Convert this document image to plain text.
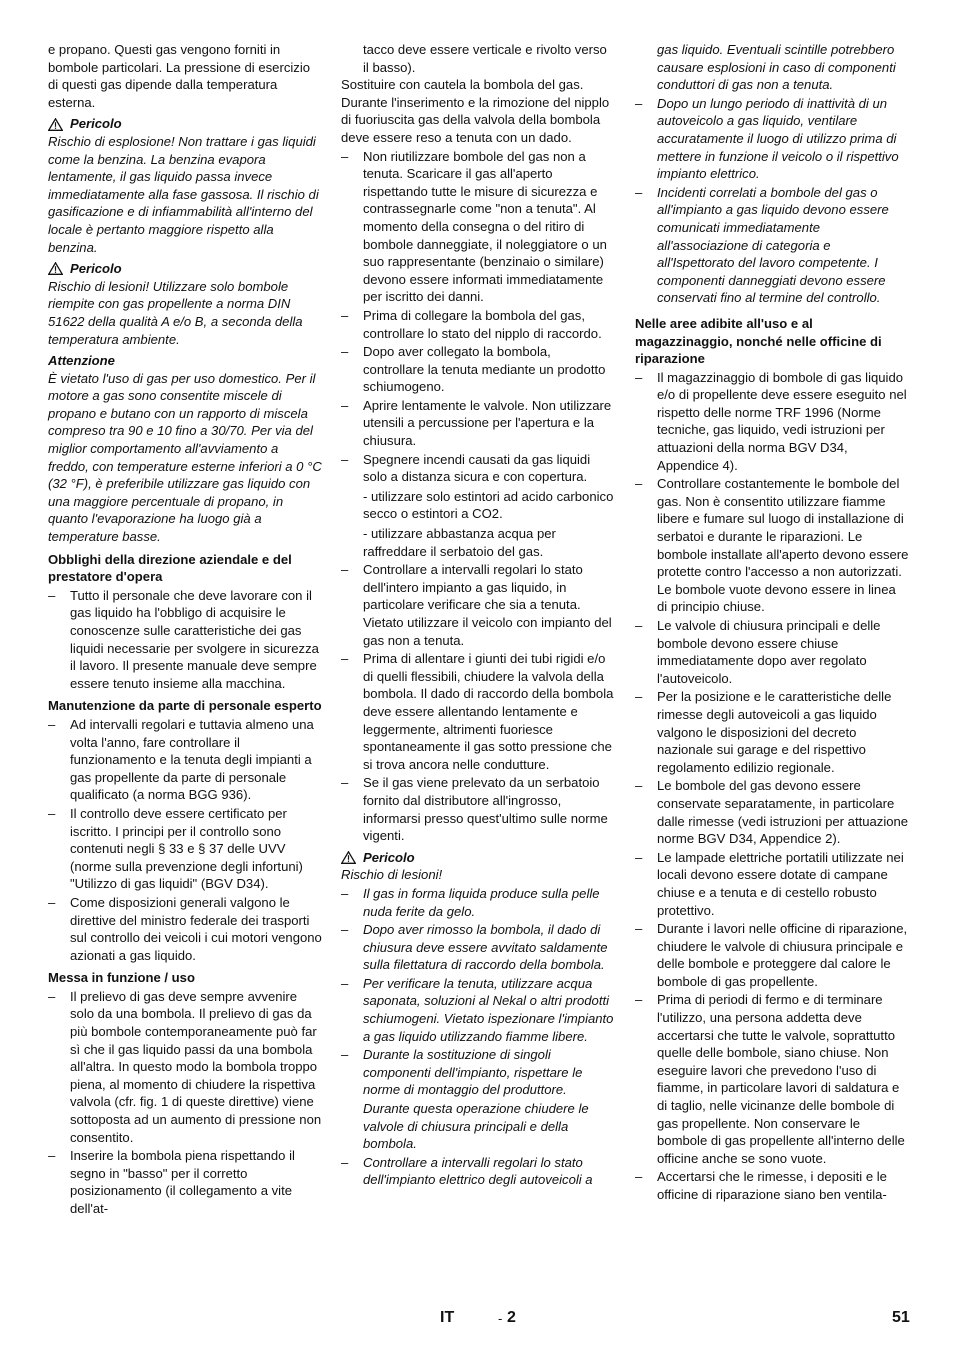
e propano. Questi gas vengono forniti in bombole particolari. La pressione di esercizio di questi gas dipende dalla temperatura esterna.

Pericolo

Rischio di esplosione! Non trattare i gas liquidi come la benzina. La benzina evapora lentamente, il gas liquido passa invece immediatamente alla fase gassosa. Il rischio di gasificazione e di infiammabilità all'interno del locale è pertanto maggiore rispetto alla benzina.

Pericolo

Rischio di lesioni! Utilizzare solo bombole riempite con gas propellente a norma DIN 51622 della qualità A e/o B, a seconda della temperatura ambiente.

Attenzione

È vietato l'uso di gas per uso domestico. Per il motore a gas sono consentite miscele di propano e butano con un rapporto di miscela compreso tra 90 e 10 fino a 30/70. Per via del miglior comportamento all'avviamento a freddo, con temperature esterne inferiori a 0 °C (32 °F), è preferibile utilizzare gas liquido con una maggiore percentuale di propano, in quanto l'evaporazione ha luogo già a temperature basse.

Obblighi della direzione aziendale e del prestatore d'opera

– Tutto il personale che deve lavorare con il gas liquido ha l'obbligo di acquisire le conoscenze sulle caratteristiche dei gas liquidi necessarie per svolgere in sicurezza il lavoro. Il presente manuale deve sempre essere tenuto insieme alla macchina.

Manutenzione da parte di personale esperto

– Ad intervalli regolari e tuttavia almeno una volta l'anno, fare controllare il funzionamento e la tenuta degli impianti a gas propellente da parte di personale qualificato (a norma BGG 936).
– Il controllo deve essere certificato per iscritto. I principi per il controllo sono contenuti negli § 33 e § 37 delle UVV (norme sulla prevenzione degli infortuni) "Utilizzo di gas liquidi" (BGV D34).
– Come disposizioni generali valgono le direttive del ministro federale dei trasporti sul controllo dei veicoli i cui motori vengono azionati a gas liquido.

Messa in funzione / uso

– Il prelievo di gas deve sempre avvenire solo da una bombola. Il prelievo di gas da più bombole contemporaneamente può far sì che il gas liquido passi da una bombola all'altra. In questo modo la bombola troppo piena, al momento di chiudere la rispettiva valvola (cfr. fig. 1 di queste direttive) viene sottoposta ad un aumento di pressione non consentito.
– Inserire la bombola piena rispettando il segno in "basso" per il corretto posizionamento (il collegamento a vite dell'at-

tacco deve essere verticale e rivolto verso il basso).

Sostituire con cautela la bombola del gas. Durante l'inserimento e la rimozione del nipplo di fuoriuscita gas della valvola della bombola deve essere reso a tenuta con un dado.

– Non riutilizzare bombole del gas non a tenuta. Scaricare il gas all'aperto rispettando tutte le misure di sicurezza e contrassegnarle come "non a tenuta". Al momento della consegna o del ritiro di bombole danneggiate, il noleggiatore o un suo rappresentante (benzinaio o similare) devono essere informati immediatamente per iscritto dei danni.
– Prima di collegare la bombola del gas, controllare lo stato del nipplo di raccordo.
– Dopo aver collegato la bombola, controllare la tenuta mediante un prodotto schiumogeno.
– Aprire lentamente le valvole. Non utilizzare utensili a percussione per l'apertura e la chiusura.
– Spegnere incendi causati da gas liquidi solo a distanza sicura e con copertura.
- utilizzare solo estintori ad acido carbonico secco o estintori a CO2.
- utilizzare abbastanza acqua per raffreddare il serbatoio del gas.
– Controllare a intervalli regolari lo stato dell'intero impianto a gas liquido, in particolare verificare che sia a tenuta. Vietato utilizzare il veicolo con impianto del gas non a tenuta.
– Prima di allentare i giunti dei tubi rigidi e/o di quelli flessibili, chiudere la valvola della bombola. Il dado di raccordo della bombola deve essere allentando lentamente e leggermente, altrimenti fuoriesce spontaneamente il gas sotto pressione che si trova ancora nelle condutture.
– Se il gas viene prelevato da un serbatoio fornito dal distributore all'ingrosso, informarsi presso quest'ultimo sulle norme vigenti.
Pericolo

Rischio di lesioni!

– Il gas in forma liquida produce sulla pelle nuda ferite da gelo.
– Dopo aver rimosso la bombola, il dado di chiusura deve essere avvitato saldamente sulla filettatura di raccordo della bombola.
– Per verificare la tenuta, utilizzare acqua saponata, soluzioni al Nekal o altri prodotti schiumogeni. Vietato ispezionare l'impianto a gas liquido utilizzando fiamme libere.
– Durante la sostituzione di singoli componenti dell'impianto, rispettare le norme di montaggio del produttore.
Durante questa operazione chiudere le valvole di chiusura principali e della bombola.
– Controllare a intervalli regolari lo stato dell'impianto elettrico degli autoveicoli a

gas liquido. Eventuali scintille potrebbero causare esplosioni in caso di componenti conduttori di gas non a tenuta.

– Dopo un lungo periodo di inattività di un autoveicolo a gas liquido, ventilare accuratamente il luogo di utilizzo prima di mettere in funzione il veicolo o il rispettivo impianto elettrico.
– Incidenti correlati a bombole del gas o all'impianto a gas liquido devono essere comunicati immediatamente all'associazione di categoria e all'Ispettorato del lavoro competente. I componenti danneggiati devono essere conservati fino al termine del controllo.

Nelle aree adibite all'uso e al magazzinaggio, nonché nelle officine di riparazione

– Il magazzinaggio di bombole di gas liquido e/o di propellente deve essere eseguito nel rispetto delle norme TRF 1996 (Norme tecniche, gas liquido, vedi istruzioni per attuazioni della norma BGV D34, Appendice 4).
– Controllare costantemente le bombole del gas. Non è consentito utilizzare fiamme libere e fumare sul luogo di installazione di serbatoi e durante le riparazioni. Le bombole installate all'aperto devono essere protette contro l'accesso a non autorizzati. Le bombole vuote devono essere in linea di principio chiuse.
– Le valvole di chiusura principali e delle bombole devono essere chiuse immediatamente dopo aver regolato l'autoveicolo.
– Per la posizione e le caratteristiche delle rimesse degli autoveicoli a gas liquido valgono le disposizioni del decreto nazionale sui garage e del rispettivo regolamento edilizio regionale.
– Le bombole del gas devono essere conservate separatamente, in particolare dalle rimesse (vedi istruzioni per attuazione norme BGV D34, Appendice 2).
– Le lampade elettriche portatili utilizzate nei locali devono essere dotate di campane chiuse e a tenuta e di cestello robusto protettivo.
– Durante i lavori nelle officine di riparazione, chiudere le valvole di chiusura principale e delle bombole e proteggere dal calore le bombole di gas propellente.
– Prima di periodi di fermo e di terminare l'utilizzo, una persona addetta deve accertarsi che tutte le valvole, soprattutto quelle delle bombole, siano chiuse. Non eseguire lavori che prevedono l'uso di fiamme, in particolare lavori di saldatura e di taglio, nelle vicinanze delle bombole di gas propellente. Non conservare le bombole di gas propellente all'interno delle officine anche se sono vuote.
– Accertarsi che le rimesse, i depositi e le officine di riparazione siano ben ventila-
IT	- 2	51
